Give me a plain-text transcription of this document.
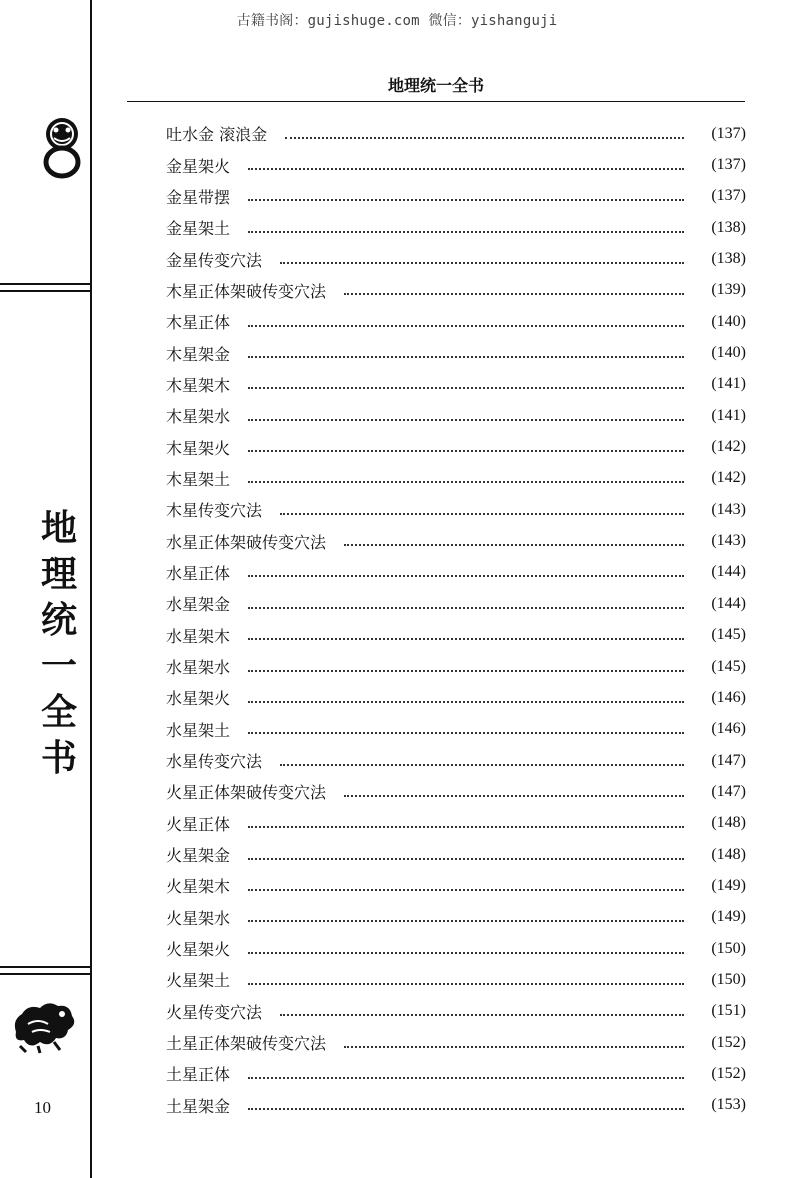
古籍书阁：gujishuge.com 微信：yishanguji
地
理
统
一
全
书
10
地理统一全书
吐水金 滚浪金	(137)
金星架火	(137)
金星带摆	(137)
金星架土	(138)
金星传变穴法	(138)
木星正体架破传变穴法	(139)
木星正体	(140)
木星架金	(140)
木星架木	(141)
木星架水	(141)
木星架火	(142)
木星架土	(142)
木星传变穴法	(143)
水星正体架破传变穴法	(143)
水星正体	(144)
水星架金	(144)
水星架木	(145)
水星架水	(145)
水星架火	(146)
水星架土	(146)
水星传变穴法	(147)
火星正体架破传变穴法	(147)
火星正体	(148)
火星架金	(148)
火星架木	(149)
火星架水	(149)
火星架火	(150)
火星架土	(150)
火星传变穴法	(151)
土星正体架破传变穴法	(152)
土星正体	(152)
土星架金	(153)
